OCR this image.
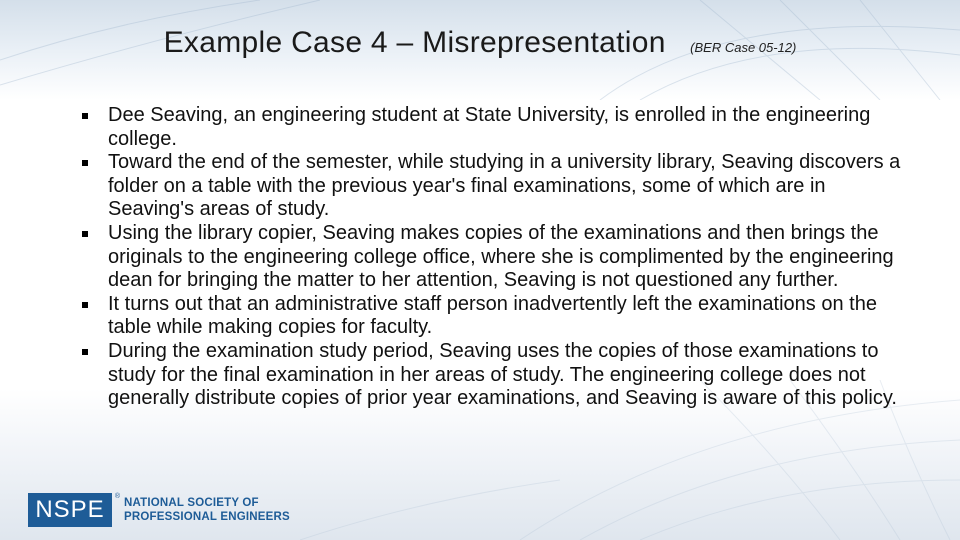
Example Case 4 – Misrepresentation (BER Case 05-12)
Dee Seaving, an engineering student at State University, is enrolled in the engineering college.
Toward the end of the semester, while studying in a university library, Seaving discovers a folder on a table with the previous year's final examinations, some of which are in Seaving's areas of study.
Using the library copier, Seaving makes copies of the examinations and then brings the originals to the engineering college office, where she is complimented by the engineering dean for bringing the matter to her attention, Seaving is not questioned any further.
It turns out that an administrative staff person inadvertently left the examinations on the table while making copies for faculty.
During the examination study period, Seaving uses the copies of those examinations to study for the final examination in her areas of study. The engineering college does not generally distribute copies of prior year examinations, and Seaving is aware of this policy.
NSPE ®
NATIONAL SOCIETY OF
PROFESSIONAL ENGINEERS
